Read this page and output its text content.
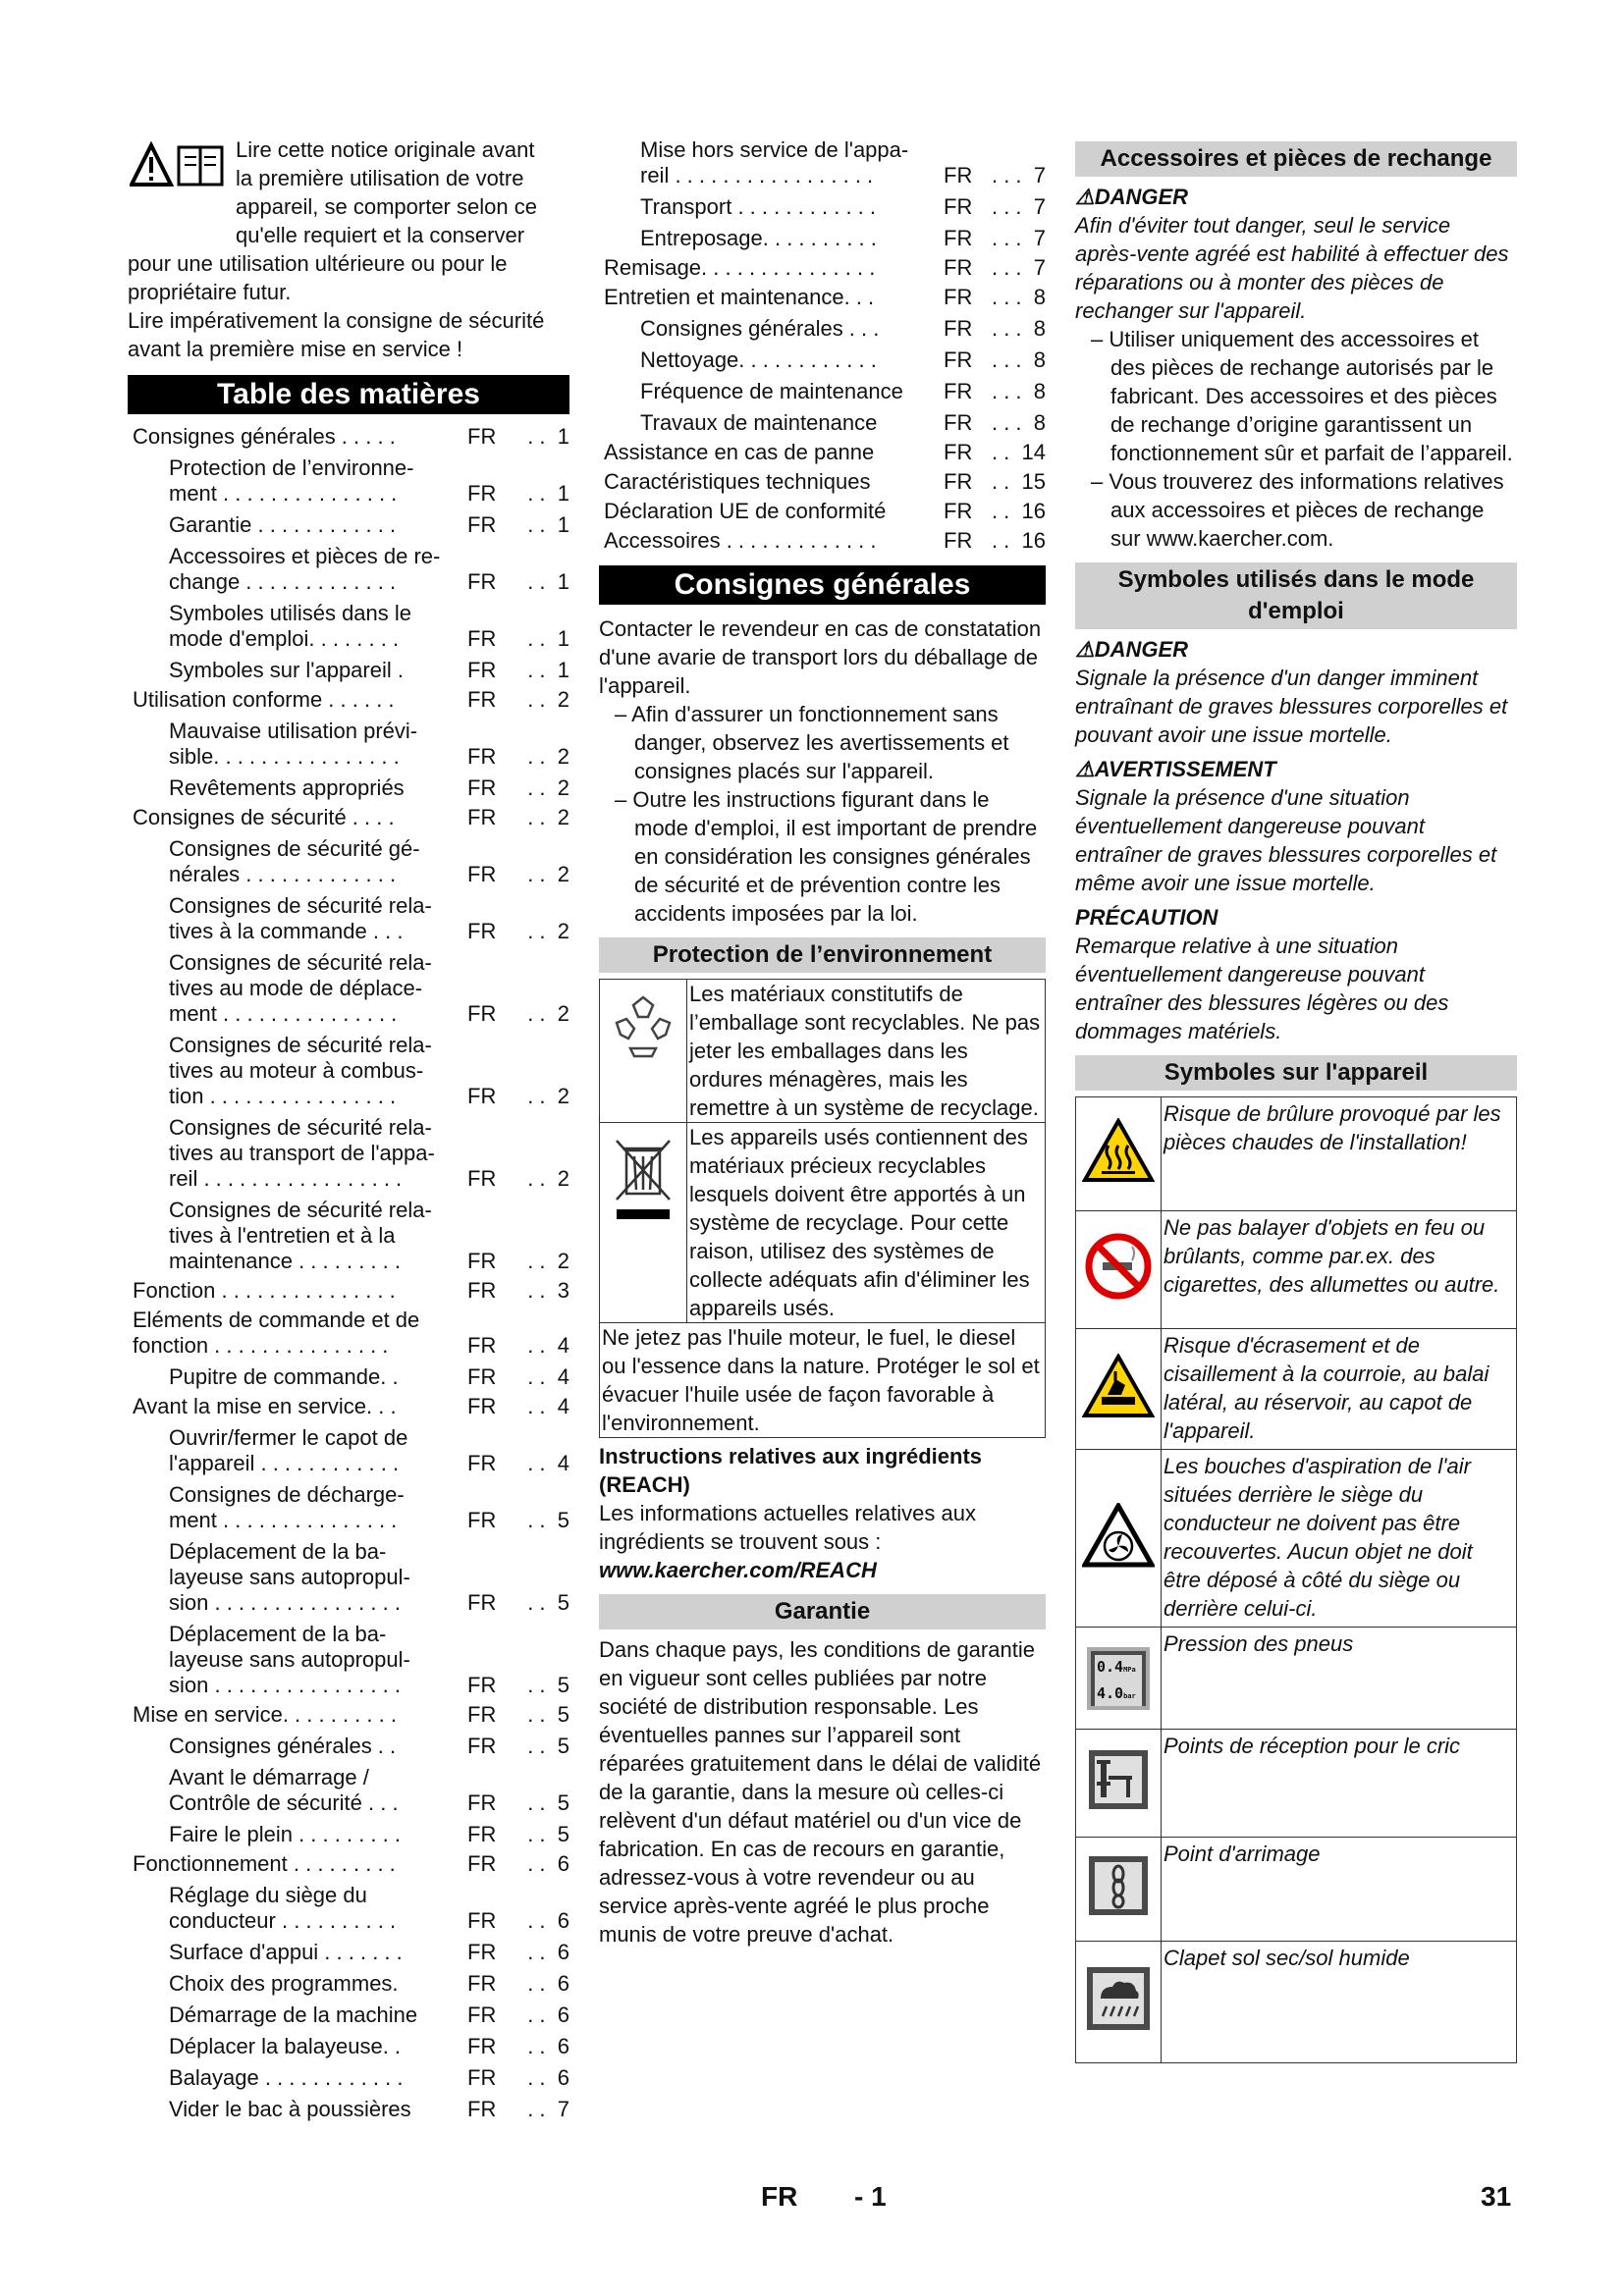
Lire cette notice originale avant

la première utilisation de votre

appareil, se comporter selon ce

qu'elle requiert et la conserver

pour une utilisation ultérieure ou pour le propriétaire futur.

Lire impérativement la consigne de sécurité avant la première mise en service !

Table des matières
Consignes générales . . . . .	FR	. .  1
Protection de l’environne-
ment . . . . . . . . . . . . . . .	FR	. .  1
Garantie . . . . . . . . . . . .	FR	. .  1
Accessoires et pièces de re-
change . . . . . . . . . . . . .	FR	. .  1
Symboles utilisés dans le
mode d'emploi. . . . . . . .	FR	. .  1
Symboles sur l'appareil .	FR	. .  1
Utilisation conforme . . . . . .	FR	. .  2
Mauvaise utilisation prévi-
sible. . . . . . . . . . . . . . . .	FR	. .  2
Revêtements appropriés	FR	. .  2
Consignes de sécurité . . . .	FR	. .  2
Consignes de sécurité gé-
nérales . . . . . . . . . . . . .	FR	. .  2
Consignes de sécurité rela-
tives à la commande . . .	FR	. .  2
Consignes de sécurité rela-
tives au mode de déplace-
ment . . . . . . . . . . . . . . .	FR	. .  2
Consignes de sécurité rela-
tives au moteur à combus-
tion . . . . . . . . . . . . . . . .	FR	. .  2
Consignes de sécurité rela-
tives au transport de l'appa-
reil . . . . . . . . . . . . . . . . .	FR	. .  2
Consignes de sécurité rela-
tives à l'entretien et à la
maintenance . . . . . . . . .	FR	. .  2
Fonction . . . . . . . . . . . . . . .	FR	. .  3
Eléments de commande et de
fonction . . . . . . . . . . . . . . .	FR	. .  4
Pupitre de commande. .	FR	. .  4
Avant la mise en service. . .	FR	. .  4
Ouvrir/fermer le capot de
l'appareil . . . . . . . . . . . .	FR	. .  4
Consignes de décharge-
ment . . . . . . . . . . . . . . .	FR	. .  5
Déplacement de la ba-
layeuse sans autopropul-
sion . . . . . . . . . . . . . . . .	FR	. .  5
Déplacement de la ba-
layeuse sans autopropul-
sion . . . . . . . . . . . . . . . .	FR	. .  5
Mise en service. . . . . . . . . .	FR	. .  5
Consignes générales . .	FR	. .  5
Avant le démarrage /
Contrôle de sécurité . . .	FR	. .  5
Faire le plein . . . . . . . . .	FR	. .  5
Fonctionnement . . . . . . . . .	FR	. .  6
Réglage du siège du
conducteur . . . . . . . . . .	FR	. .  6
Surface d'appui . . . . . . .	FR	. .  6
Choix des programmes.	FR	. .  6
Démarrage de la machine	FR	. .  6
Déplacer la balayeuse. .	FR	. .  6
Balayage . . . . . . . . . . . .	FR	. .  6
Vider le bac à poussières	FR	. .  7
Mise hors service de l'appa-
reil . . . . . . . . . . . . . . . . .	FR . . .  7
Transport . . . . . . . . . . . .	FR . . .  7
Entreposage. . . . . . . . . .	FR . . .  7
Remisage. . . . . . . . . . . . . . .	FR . . .  7
Entretien et maintenance. . .	FR . . .  8
Consignes générales . . .	FR . . .  8
Nettoyage. . . . . . . . . . . .	FR . . .  8
Fréquence de maintenance	FR . . .  8
Travaux de maintenance	FR . . .  8
Assistance en cas de panne	FR . .  14
Caractéristiques techniques	FR . .  15
Déclaration UE de conformité	FR . .  16
Accessoires . . . . . . . . . . . . .	FR . .  16
Consignes générales

Contacter le revendeur en cas de constatation d'une avarie de transport lors du déballage de l'appareil.

– Afin d'assurer un fonctionnement sans danger, observez les avertissements et consignes placés sur l'appareil.

– Outre les instructions figurant dans le mode d'emploi, il est important de prendre en considération les consignes générales de sécurité et de prévention contre les accidents imposées par la loi.

Protection de l’environnement
	Les matériaux constitutifs de l’emballage sont recyclables. Ne pas jeter les emballages dans les ordures ménagères, mais les remettre à un système de recyclage.
	Les appareils usés contiennent des matériaux précieux recyclables lesquels doivent être apportés à un système de recyclage. Pour cette raison, utilisez des systèmes de collecte adéquats afin d'éliminer les appareils usés.
Ne jetez pas l'huile moteur, le fuel, le diesel ou l'essence dans la nature. Protéger le sol et évacuer l'huile usée de façon favorable à l'environnement.	

Instructions relatives aux ingrédients (REACH)

Les informations actuelles relatives aux ingrédients se trouvent sous :

www.kaercher.com/REACH

Garantie

Dans chaque pays, les conditions de garantie en vigueur sont celles publiées par notre société de distribution responsable. Les éventuelles pannes sur l’appareil sont réparées gratuitement dans le délai de validité de la garantie, dans la mesure où celles-ci relèvent d'un défaut matériel ou d'un vice de fabrication. En cas de recours en garantie, adressez-vous à votre revendeur ou au service après-vente agréé le plus proche munis de votre preuve d'achat.

Accessoires et pièces de rechange

⚠DANGER

Afin d'éviter tout danger, seul le service après-vente agréé est habilité à effectuer des réparations ou à monter des pièces de rechanger sur l'appareil.

– Utiliser uniquement des accessoires et des pièces de rechange autorisés par le fabricant. Des accessoires et des pièces de rechange d’origine garantissent un fonctionnement sûr et parfait de l’appareil.

– Vous trouverez des informations relatives aux accessoires et pièces de rechange sur www.kaercher.com.

Symboles utilisés dans le mode d'emploi

⚠DANGER

Signale la présence d'un danger imminent entraînant de graves blessures corporelles et pouvant avoir une issue mortelle.

⚠AVERTISSEMENT

Signale la présence d'une situation éventuellement dangereuse pouvant entraîner de graves blessures corporelles et même avoir une issue mortelle.

PRÉCAUTION

Remarque relative à une situation éventuellement dangereuse pouvant entraîner des blessures légères ou des dommages matériels.

Symboles sur l'appareil
	Risque de brûlure provoqué par les pièces chaudes de l'installation!
	Ne pas balayer d'objets en feu ou brûlants, comme par.ex. des cigarettes, des allumettes ou autre.
	Risque d'écrasement et de cisaillement à la courroie, au balai latéral, au réservoir, au capot de l'appareil.
	Les bouches d'aspiration de l'air situées derrière le siège du conducteur ne doivent pas être recouvertes. Aucun objet ne doit être déposé à côté du siège ou derrière celui-ci.

0.4MPa
4.0bar	Pression des pneus
	Points de réception pour le cric
	Point d'arrimage
	Clapet sol sec/sol humide
FR - 1	31
